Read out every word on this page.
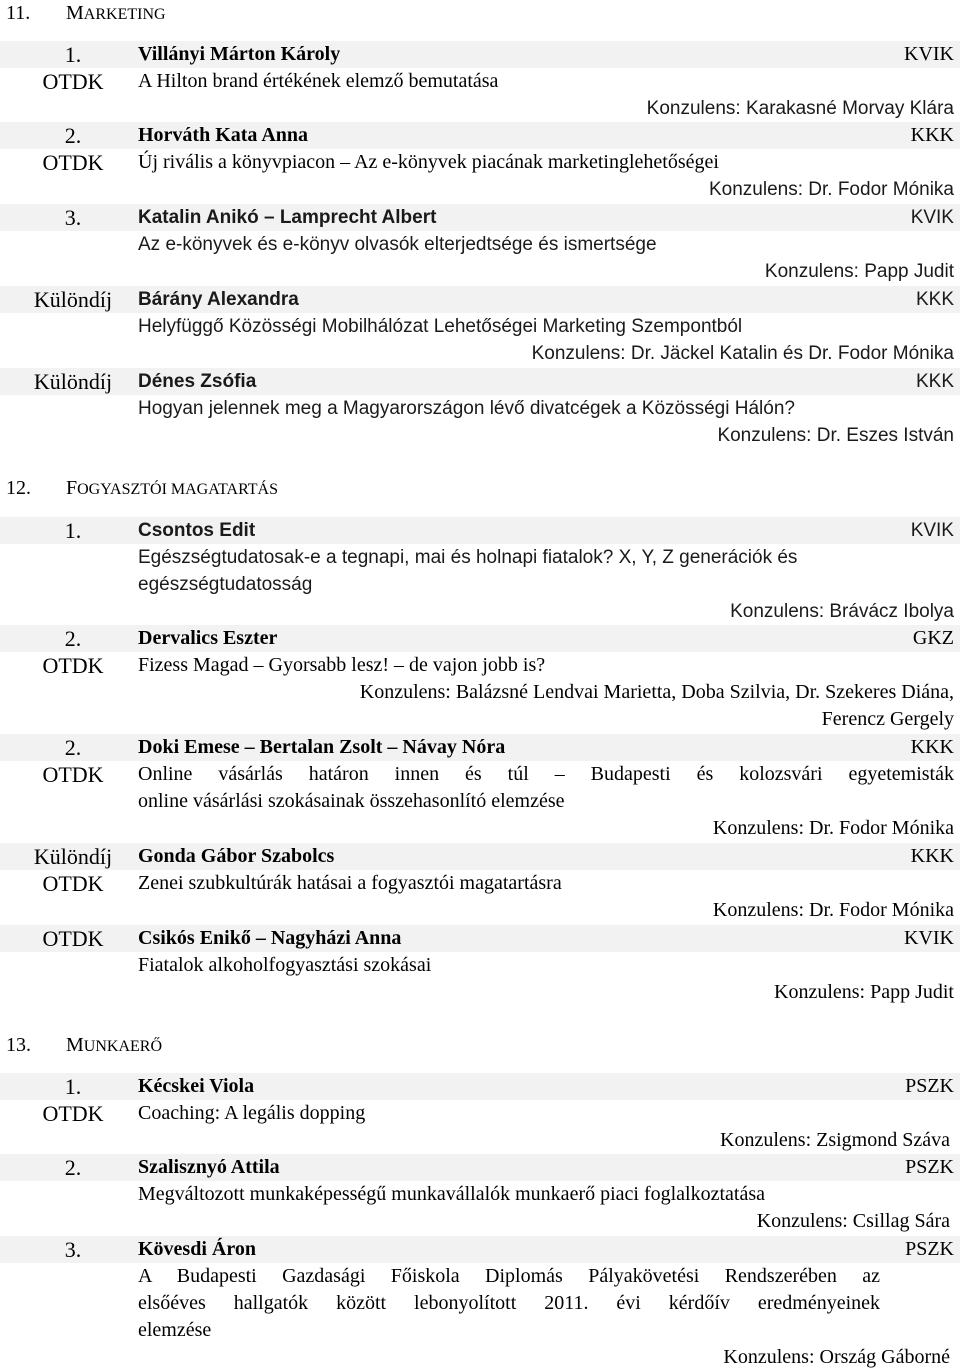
11. MARKETING
12. FOGYASZTÓI MAGATARTÁS
13. MUNKAERŐ
1.	Villányi Márton Károly	KVIK
OTDK	A Hilton brand értékének elemző bemutatása
Konzulens: Karakasné Morvay Klára
2.	Horváth Kata Anna	KKK
OTDK	Új rivális a könyvpiacon – Az e-könyvek piacának marketinglehetőségei
Konzulens: Dr. Fodor Mónika
3.	Katalin Anikó – Lamprecht Albert	KVIK
Az e-könyvek és e-könyv olvasók elterjedtsége és ismertsége
Konzulens: Papp Judit
Különdíj	Bárány Alexandra	KKK
Helyfüggő Közösségi Mobilhálózat Lehetőségei Marketing Szempontból
Konzulens: Dr. Jäckel Katalin és Dr. Fodor Mónika
Különdíj	Dénes Zsófia	KKK
Hogyan jelennek meg a Magyarországon lévő divatcégek a Közösségi Hálón?
Konzulens: Dr. Eszes István
1.	Csontos Edit	KVIK
Egészségtudatosak-e a tegnapi, mai és holnapi fiatalok? X, Y, Z generációk és
egészségtudatosság
Konzulens: Brávácz Ibolya
2.	Dervalics Eszter	GKZ
OTDK	Fizess Magad – Gyorsabb lesz! – de vajon jobb is?
Konzulens: Balázsné Lendvai Marietta, Doba Szilvia, Dr. Szekeres Diána,
Ferencz Gergely
2.	Doki Emese – Bertalan Zsolt – Návay Nóra	KKK
OTDK	Online vásárlás határon innen és túl – Budapesti és kolozsvári egyetemisták
online vásárlási szokásainak összehasonlító elemzése
Konzulens: Dr. Fodor Mónika
Különdíj	Gonda Gábor Szabolcs	KKK
OTDK	Zenei szubkultúrák hatásai a fogyasztói magatartásra
Konzulens: Dr. Fodor Mónika
OTDK	Csikós Enikő – Nagyházi Anna	KVIK
Fiatalok alkoholfogyasztási szokásai
Konzulens: Papp Judit
1.	Kécskei Viola	PSZK
OTDK	Coaching: A legális dopping
Konzulens: Zsigmond Száva
2.	Szalisznyó Attila	PSZK
Megváltozott munkaképességű munkavállalók munkaerő piaci foglalkoztatása
Konzulens: Csillag Sára
3.	Kövesdi Áron	PSZK
A Budapesti Gazdasági Főiskola Diplomás Pályakövetési Rendszerében az
elsőéves hallgatók között lebonyolított 2011. évi kérdőív eredményeinek
elemzése
Konzulens: Ország Gáborné
